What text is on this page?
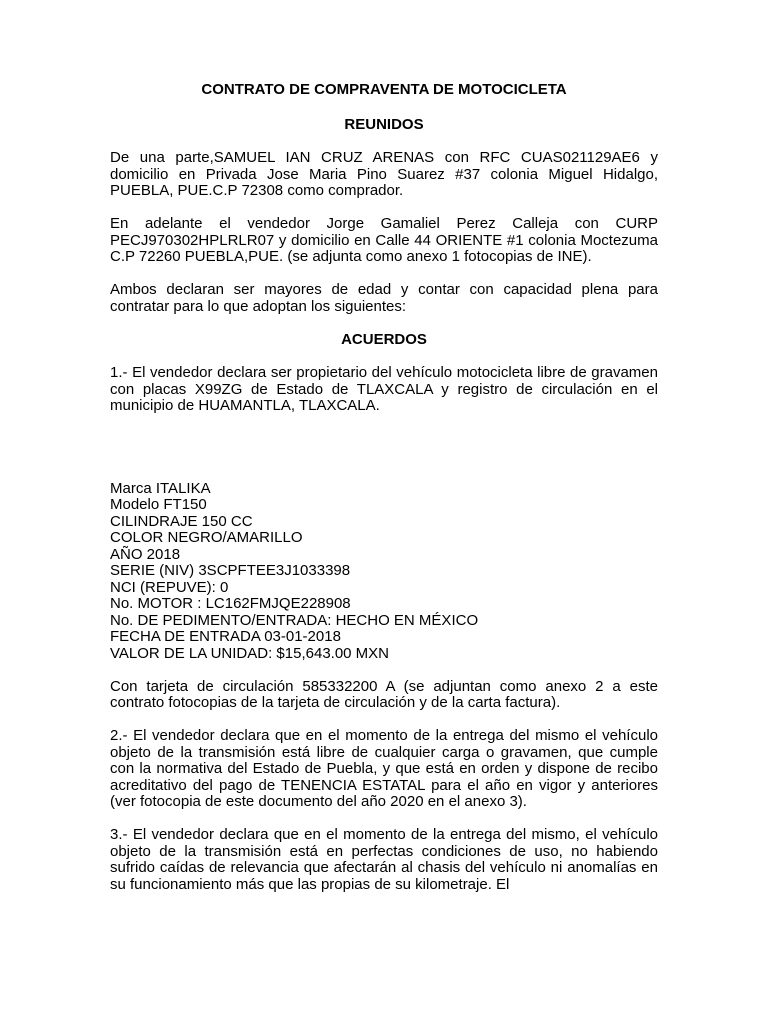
CONTRATO DE COMPRAVENTA DE MOTOCICLETA
REUNIDOS
De una parte,SAMUEL IAN CRUZ ARENAS con RFC CUAS021129AE6 y domicilio en Privada Jose Maria Pino Suarez #37 colonia Miguel Hidalgo, PUEBLA, PUE.C.P 72308 como comprador.
En adelante el vendedor Jorge Gamaliel Perez Calleja con CURP PECJ970302HPLRLR07 y domicilio en Calle 44 ORIENTE #1 colonia Moctezuma C.P 72260 PUEBLA,PUE. (se adjunta como anexo 1 fotocopias de INE).
Ambos declaran ser mayores de edad y contar con capacidad plena para contratar para lo que adoptan los siguientes:
ACUERDOS
1.- El vendedor declara ser propietario del vehículo motocicleta libre de gravamen con placas X99ZG de Estado de TLAXCALA y registro de circulación en el municipio de HUAMANTLA, TLAXCALA.
Marca ITALIKA
Modelo FT150
CILINDRAJE 150 CC
COLOR NEGRO/AMARILLO
AÑO 2018
SERIE (NIV) 3SCPFTEE3J1033398
NCI (REPUVE): 0
No. MOTOR : LC162FMJQE228908
No. DE PEDIMENTO/ENTRADA: HECHO EN MÉXICO
FECHA DE ENTRADA 03-01-2018
VALOR DE LA UNIDAD: $15,643.00 MXN
Con tarjeta de circulación 585332200 A (se adjuntan como anexo 2 a este contrato fotocopias de la tarjeta de circulación y de la carta factura).
2.- El vendedor declara que en el momento de la entrega del mismo el vehículo objeto de la transmisión está libre de cualquier carga o gravamen, que cumple con la normativa del Estado de Puebla, y que está en orden y dispone de recibo acreditativo del pago de TENENCIA ESTATAL para el año en vigor y anteriores (ver fotocopia de este documento del año 2020 en el anexo 3).
3.- El vendedor declara que en el momento de la entrega del mismo, el vehículo objeto de la transmisión está en perfectas condiciones de uso, no habiendo sufrido caídas de relevancia que afectarán al chasis del vehículo ni anomalías en su funcionamiento más que las propias de su kilometraje. El
